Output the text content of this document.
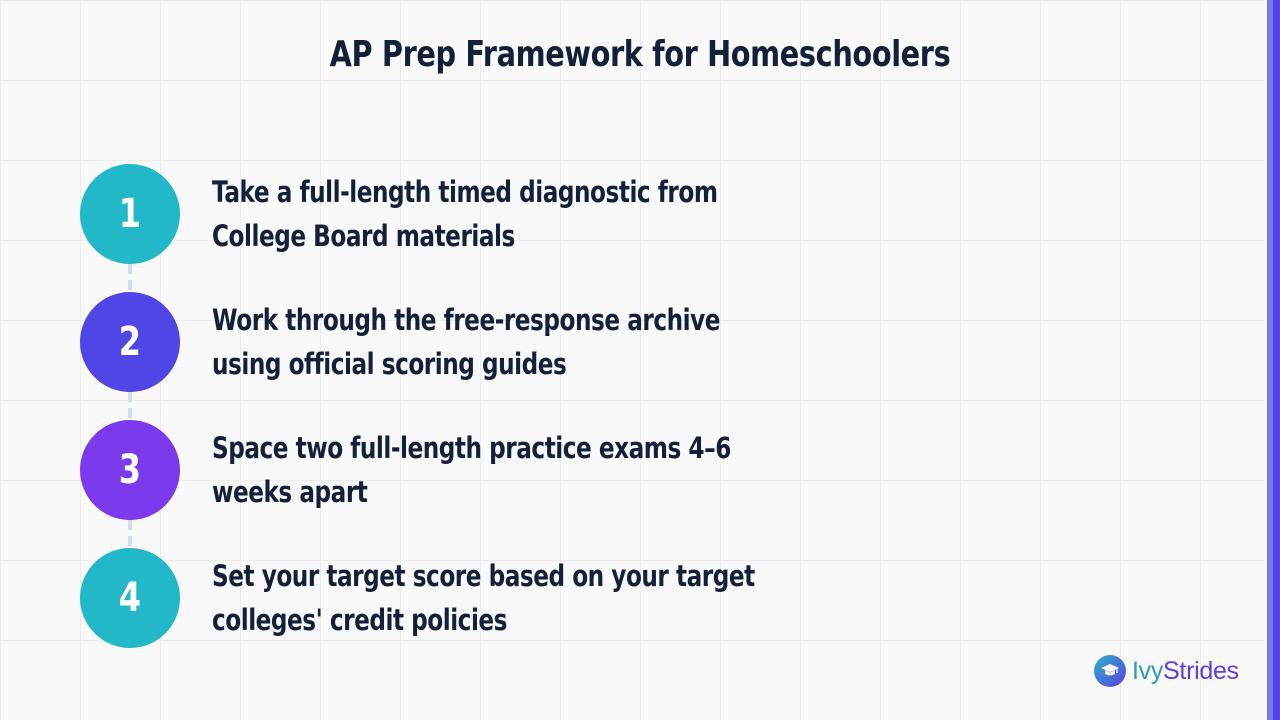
AP Prep Framework for Homeschoolers
1 Take a full-length timed diagnostic from
College Board materials
2 Work through the free-response archive
using official scoring guides
3 Space two full-length practice exams 4–6
weeks apart
4 Set your target score based on your target
colleges' credit policies
IvyStrides
